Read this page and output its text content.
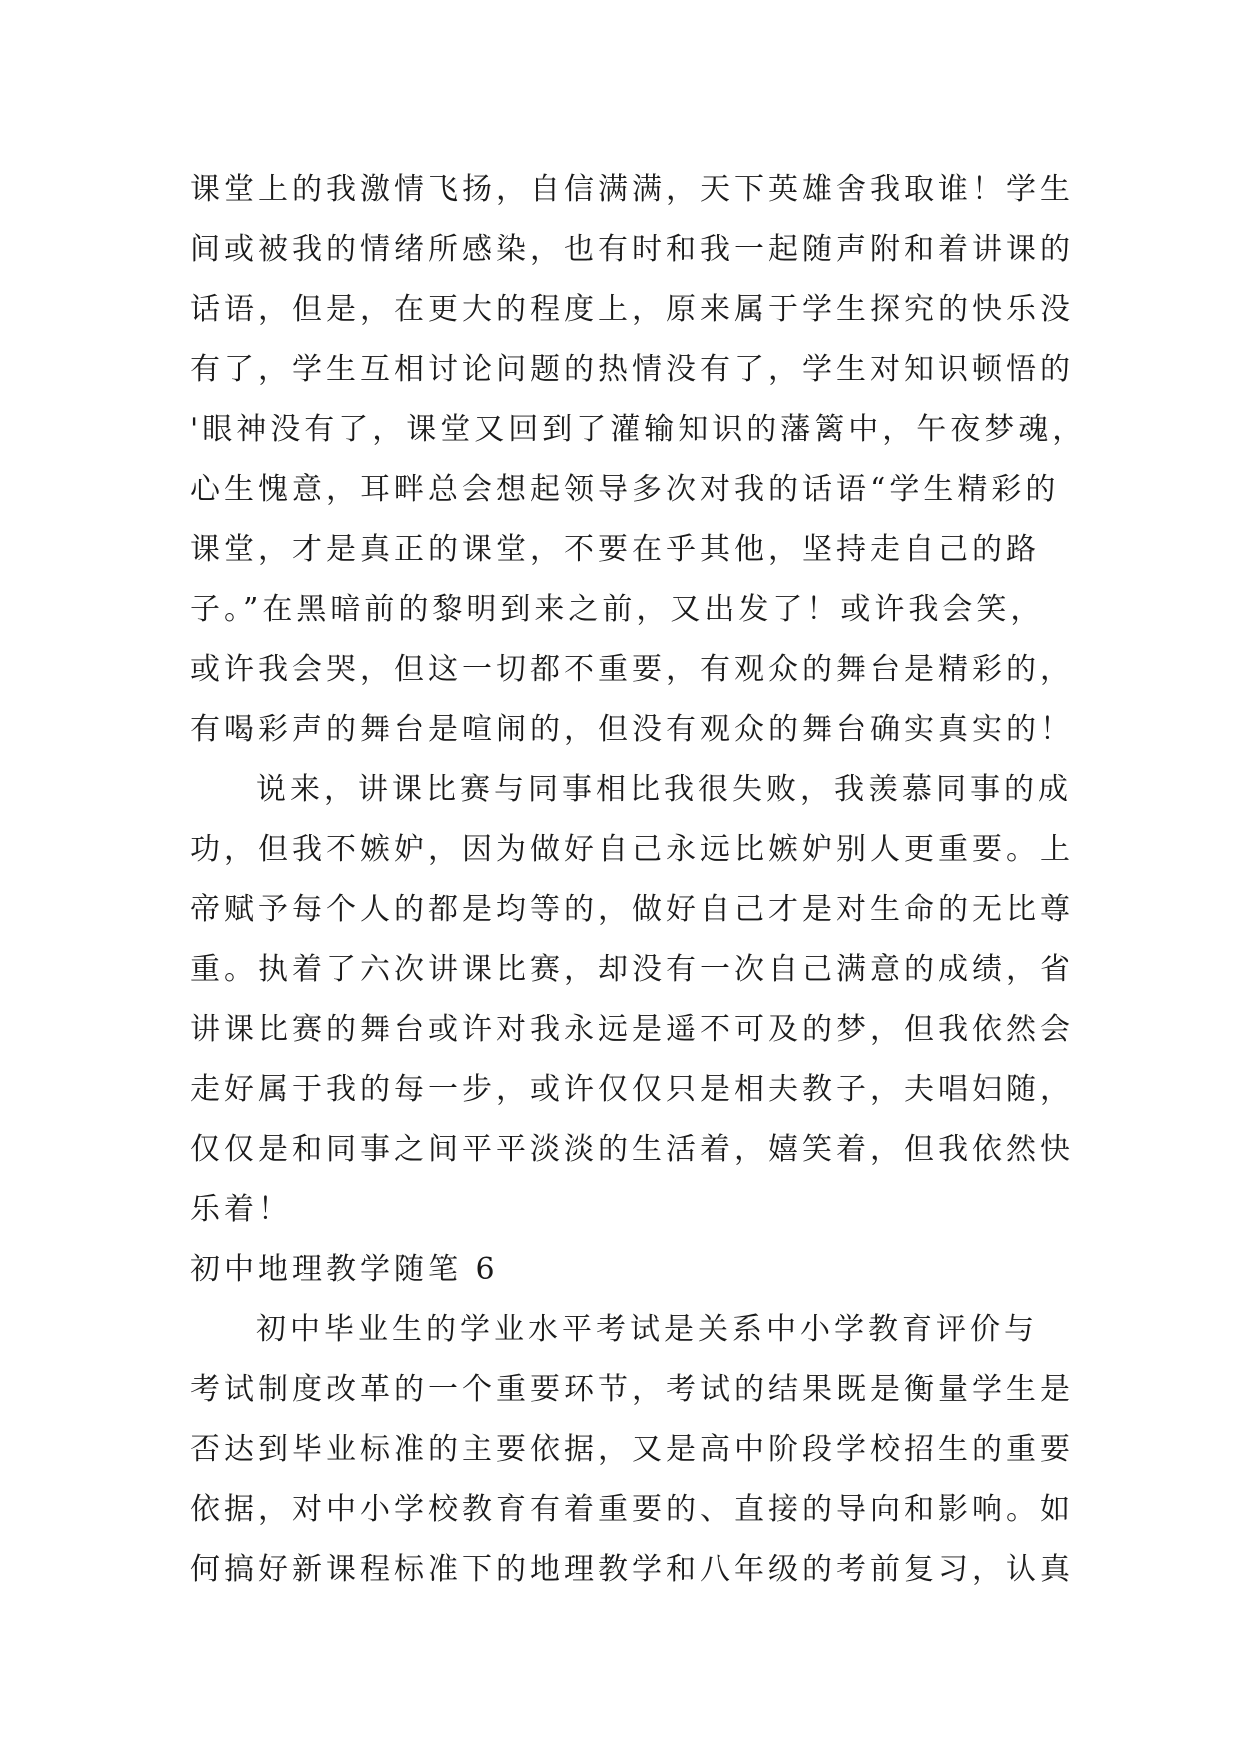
课堂上的我激情飞扬，自信满满，天下英雄舍我取谁！学生
间或被我的情绪所感染，也有时和我一起随声附和着讲课的
话语，但是，在更大的程度上，原来属于学生探究的快乐没
有了，学生互相讨论问题的热情没有了，学生对知识顿悟的
'眼神没有了，课堂又回到了灌输知识的藩篱中，午夜梦魂，
心生愧意，耳畔总会想起领导多次对我的话语“学生精彩的
课堂，才是真正的课堂，不要在乎其他，坚持走自己的路
子。”在黑暗前的黎明到来之前，又出发了！或许我会笑，
或许我会哭，但这一切都不重要，有观众的舞台是精彩的，
有喝彩声的舞台是喧闹的，但没有观众的舞台确实真实的！
说来，讲课比赛与同事相比我很失败，我羡慕同事的成
功，但我不嫉妒，因为做好自己永远比嫉妒别人更重要。上
帝赋予每个人的都是均等的，做好自己才是对生命的无比尊
重。执着了六次讲课比赛，却没有一次自己满意的成绩，省
讲课比赛的舞台或许对我永远是遥不可及的梦，但我依然会
走好属于我的每一步，或许仅仅只是相夫教子，夫唱妇随，
仅仅是和同事之间平平淡淡的生活着，嬉笑着，但我依然快
乐着！
初中地理教学随笔 6
初中毕业生的学业水平考试是关系中小学教育评价与
考试制度改革的一个重要环节，考试的结果既是衡量学生是
否达到毕业标准的主要依据，又是高中阶段学校招生的重要
依据，对中小学校教育有着重要的、直接的导向和影响。如
何搞好新课程标准下的地理教学和八年级的考前复习，认真
